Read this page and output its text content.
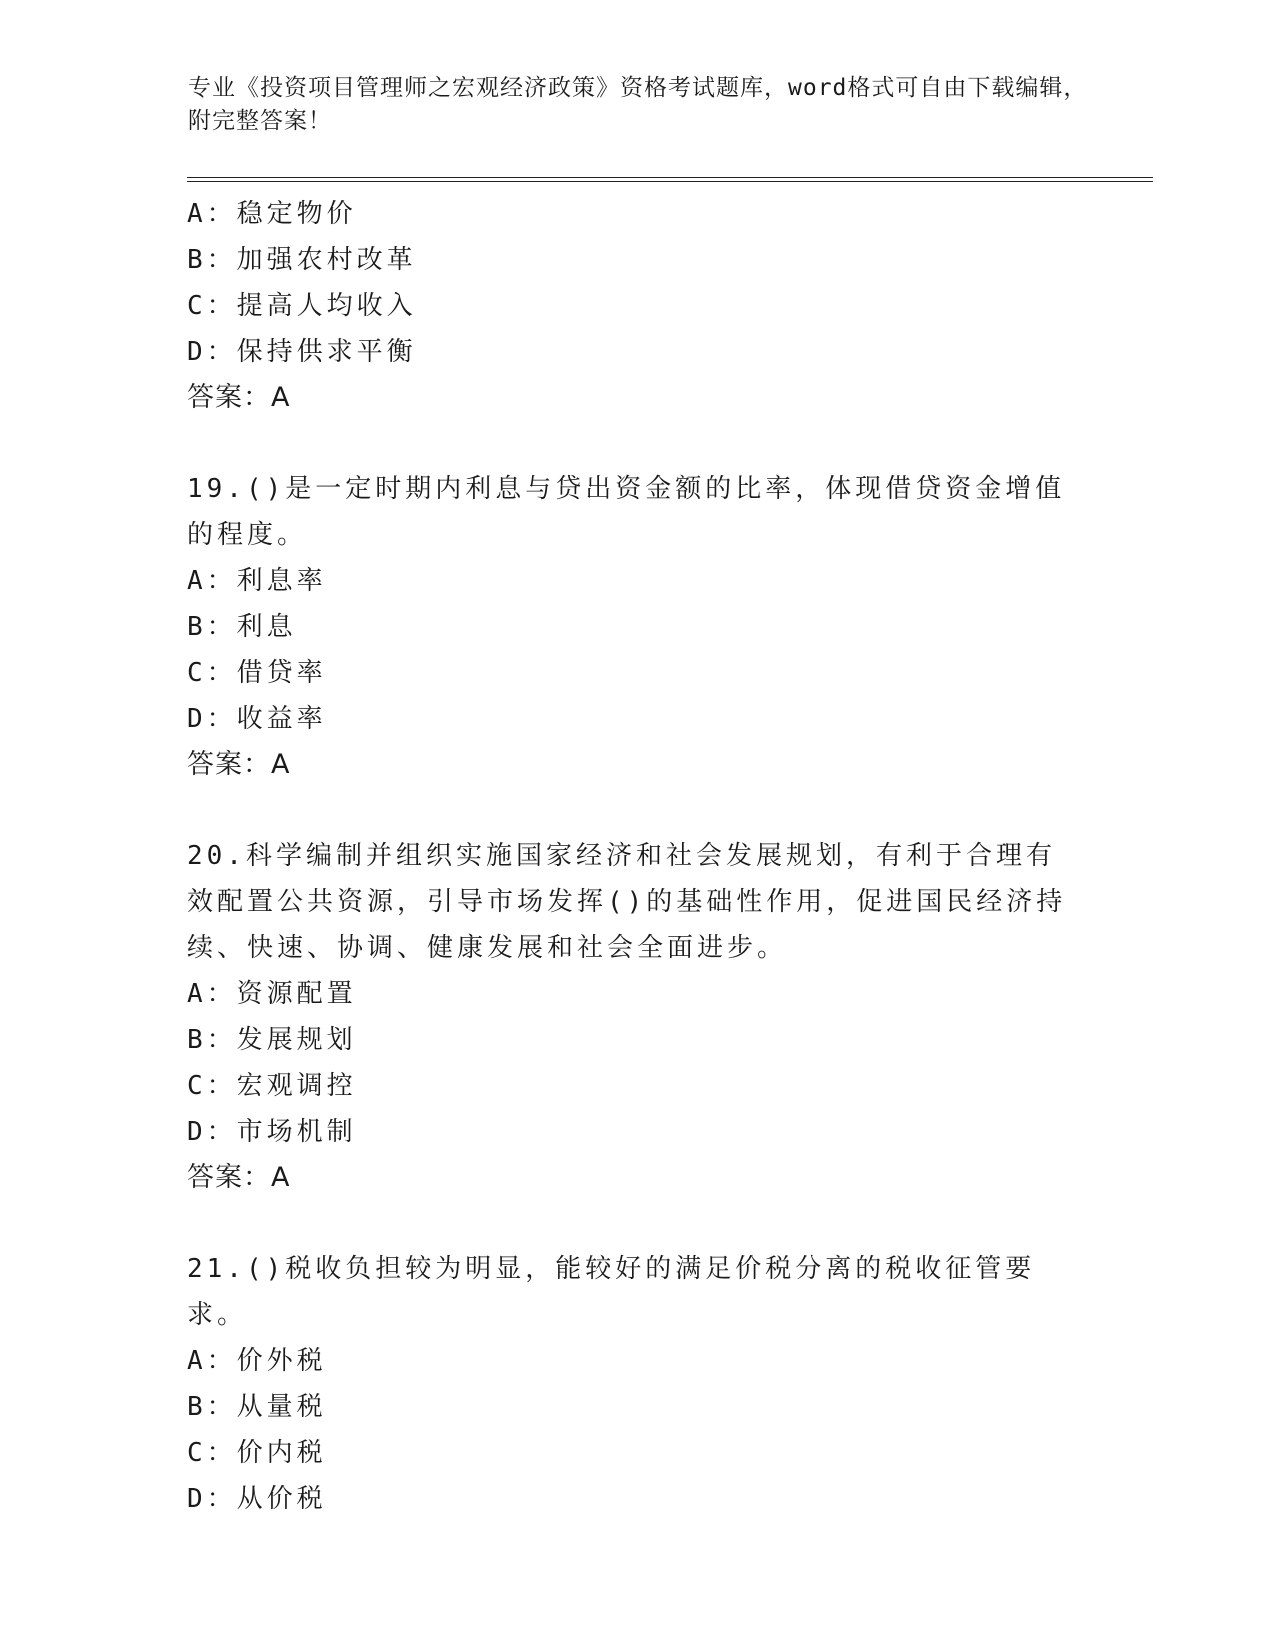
专业《投资项目管理师之宏观经济政策》资格考试题库，word格式可自由下载编辑，附完整答案！
A：稳定物价
B：加强农村改革
C：提高人均收入
D：保持供求平衡
答案：A
19.()是一定时期内利息与贷出资金额的比率，体现借贷资金增值的程度。
A：利息率
B：利息
C：借贷率
D：收益率
答案：A
20.科学编制并组织实施国家经济和社会发展规划，有利于合理有效配置公共资源，引导市场发挥()的基础性作用，促进国民经济持续、快速、协调、健康发展和社会全面进步。
A：资源配置
B：发展规划
C：宏观调控
D：市场机制
答案：A
21.()税收负担较为明显，能较好的满足价税分离的税收征管要求。
A：价外税
B：从量税
C：价内税
D：从价税
